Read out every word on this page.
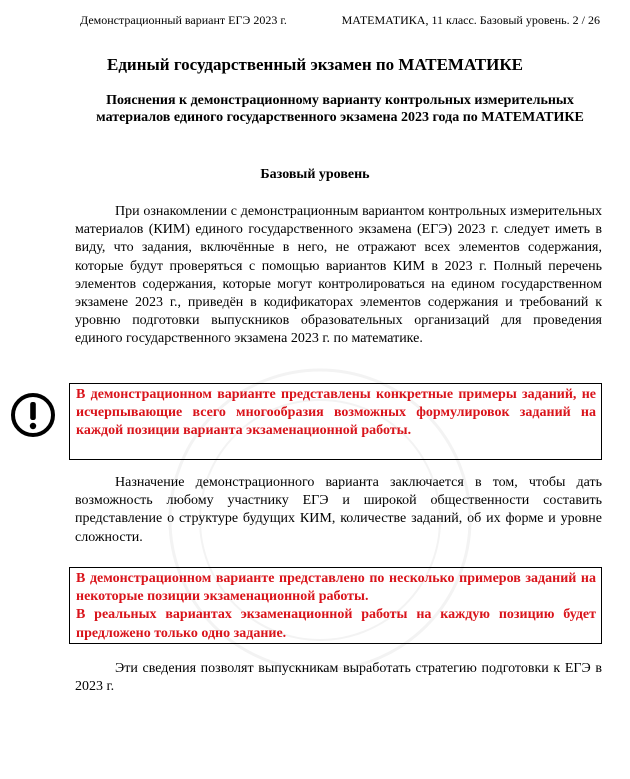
Демонстрационный вариант ЕГЭ 2023 г.	МАТЕМАТИКА, 11 класс. Базовый уровень. 2 / 26
Единый государственный экзамен по МАТЕМАТИКЕ
Пояснения к демонстрационному варианту контрольных измерительных материалов единого государственного экзамена 2023 года по МАТЕМАТИКЕ
Базовый уровень

При ознакомлении с демонстрационным вариантом контрольных измерительных материалов (КИМ) единого государственного экзамена (ЕГЭ) 2023 г. следует иметь в виду, что задания, включённые в него, не отражают всех элементов содержания, которые будут проверяться с помощью вариантов КИМ в 2023 г. Полный перечень элементов содержания, которые могут контролироваться на едином государственном экзамене 2023 г., приведён в кодификаторах элементов содержания и требований к уровню подготовки выпускников образовательных организаций для проведения единого государственного экзамена 2023 г. по математике.

В демонстрационном варианте представлены конкретные примеры заданий, не исчерпывающие всего многообразия возможных формулировок заданий на каждой позиции варианта экзаменационной работы.

Назначение демонстрационного варианта заключается в том, чтобы дать возможность любому участнику ЕГЭ и широкой общественности составить представление о структуре будущих КИМ, количестве заданий, об их форме и уровне сложности.

В демонстрационном варианте представлено по несколько примеров заданий на некоторые позиции экзаменационной работы.
В реальных вариантах экзаменационной работы на каждую позицию будет предложено только одно задание.

Эти сведения позволят выпускникам выработать стратегию подготовки к ЕГЭ в 2023 г.
